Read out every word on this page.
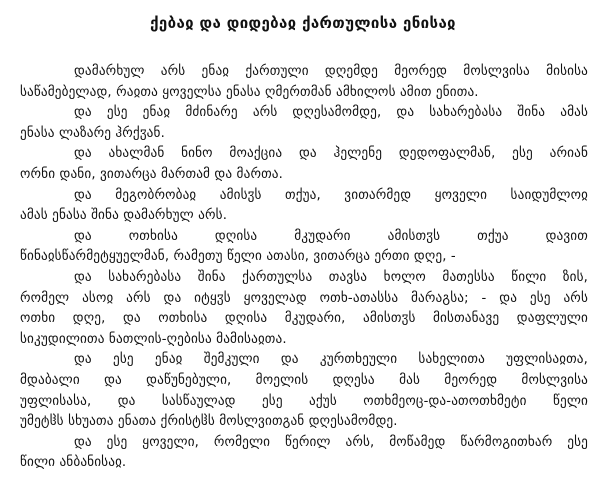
ქებაჲ და დიდებაჲ ქართულისა ენისაჲ
დამარხულ არს ენაჲ ქართული დღემდე მეორედ მოსლვისა მისისა
საწამებელად, რაჲთა ყოველსა ენასა ღმერთმან ამხილოს ამით ენითა.
და ესე ენაჲ მძინარე არს დღესამომდე, და სახარებასა შინა ამას
ენასა ლაზარე ჰრქჳან.
და ახალმან ნინო მოაქცია და ჰელენე დედოფალმან, ესე არიან
ორნი დანი, ვითარცა მართამ და მართა.
და მეგობრობაჲ ამისჳს თქუა, ვითარმედ ყოველი საიდუმლოჲ
ამას ენასა შინა დამარხულ არს.
და ოთხისა დღისა მკუდარი ამისთჳს თქუა დავით
წინაჲსწარმეტყუელმან, რამეთუ წელი ათასი, ვითარცა ერთი დღე, -
და სახარებასა შინა ქართულსა თავსა ხოლო მათესსა წილი ზის,
რომელ ასოჲ არს და იტყჳს ყოველად ოთხ-ათასსა მარაგსა; - და ესე არს
ოთხი დღე, და ოთხისა დღისა მკუდარი, ამისთჳს მისთანავე დაფლული
სიკუდილითა ნათლის-ღებისა მამისაჲთა.
და ესე ენაჲ შემკული და კურთხეული სახელითა უფლისაჲთა,
მდაბალი და დაწუნებული, მოელის დღესა მას მეორედ მოსლვისა
უფლისასა, და სასწაულად ესე აქუს ოთხმეოც-და-ათოთხმეტი წელი
უმეტჱს სხუათა ენათა ქრისტჱს მოსლვითგან დღესამომდე.
და ესე ყოველი, რომელი წერილ არს, მოწამედ წარმოგითხარ ესე
წილი ანბანისაჲ.
